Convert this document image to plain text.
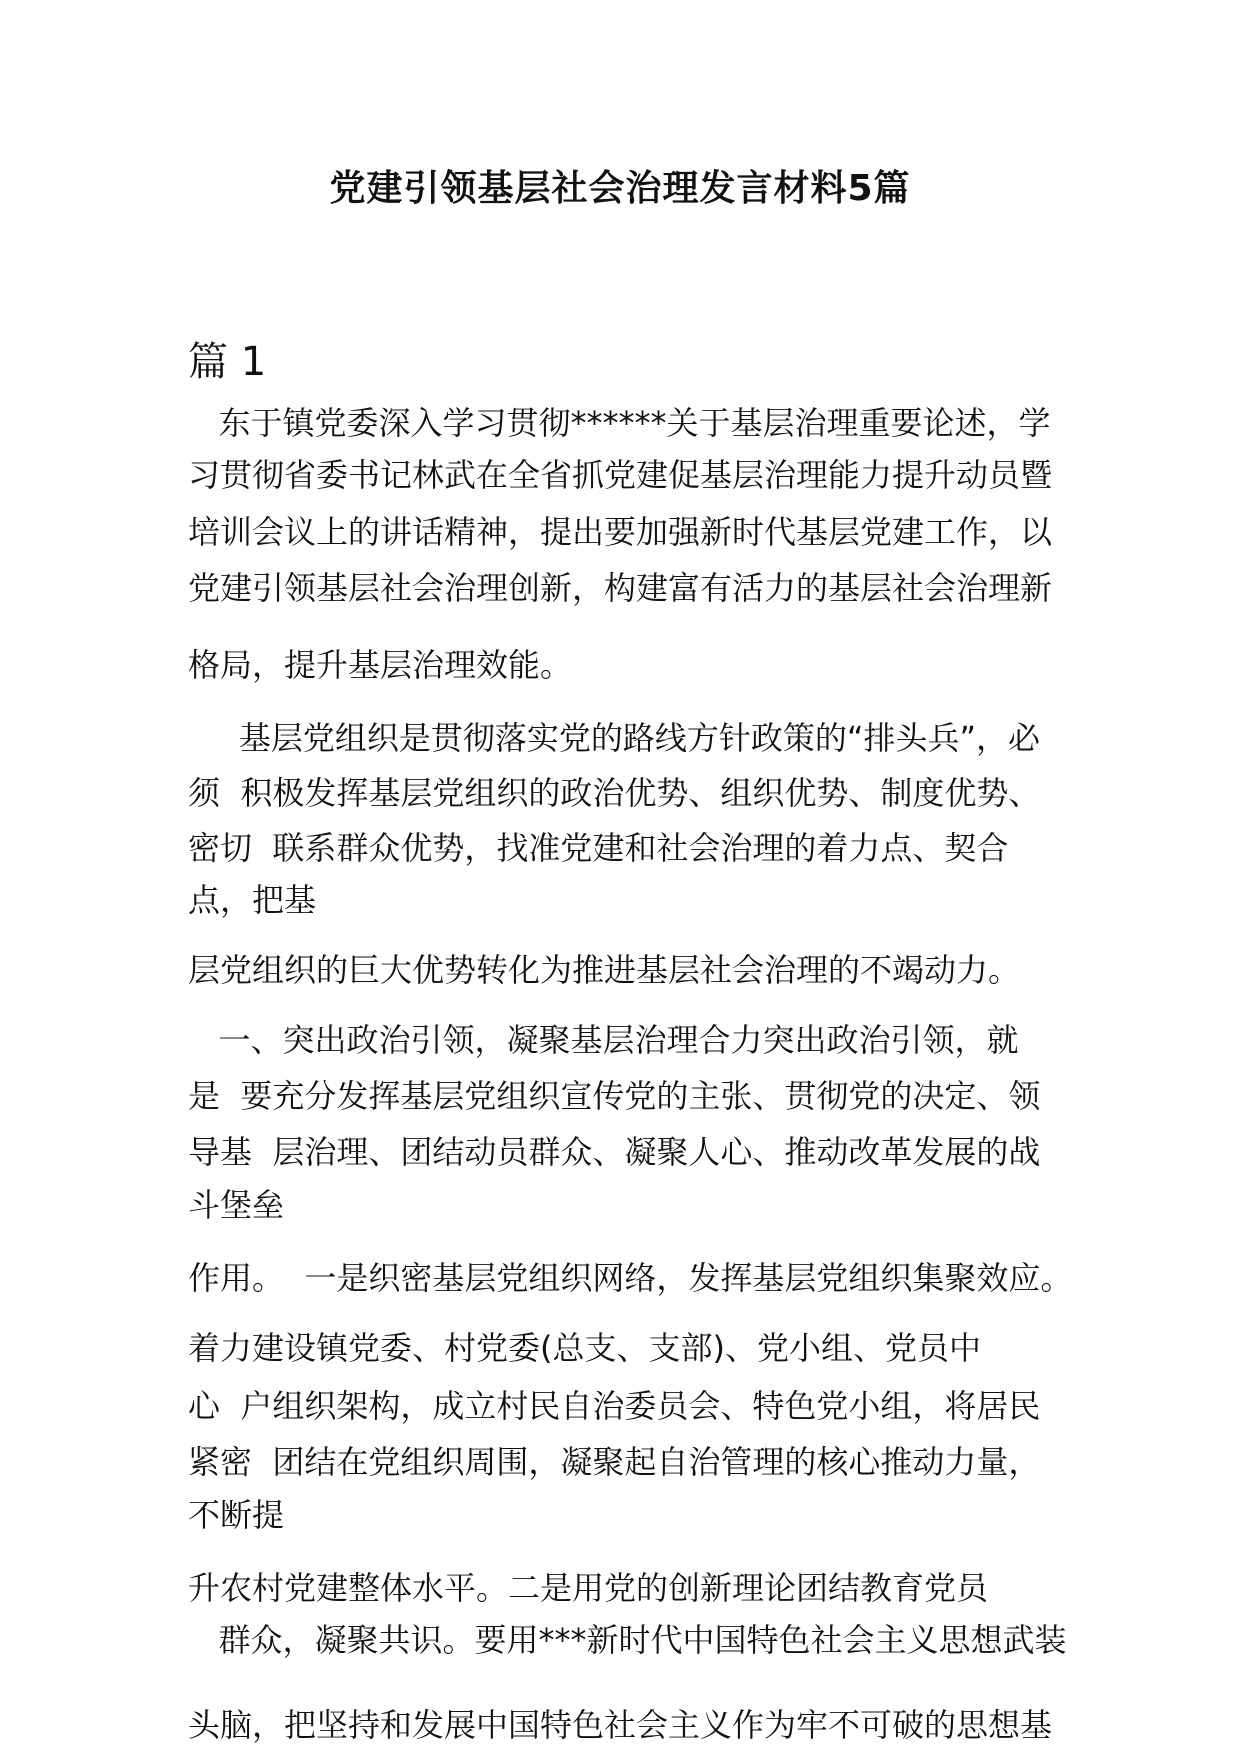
党建引领基层社会治理发言材料5篇
篇 1
东于镇党委深入学习贯彻******关于基层治理重要论述，学
习贯彻省委书记林武在全省抓党建促基层治理能力提升动员暨
培训会议上的讲话精神，提出要加强新时代基层党建工作，以
党建引领基层社会治理创新，构建富有活力的基层社会治理新
格局，提升基层治理效能。
基层党组织是贯彻落实党的路线方针政策的“排头兵”，必
须  积极发挥基层党组织的政治优势、组织优势、制度优势、
密切  联系群众优势，找准党建和社会治理的着力点、契合
点，把基
层党组织的巨大优势转化为推进基层社会治理的不竭动力。
一、突出政治引领，凝聚基层治理合力突出政治引领，就
是  要充分发挥基层党组织宣传党的主张、贯彻党的决定、领
导基  层治理、团结动员群众、凝聚人心、推动改革发展的战
斗堡垒
作用。  一是织密基层党组织网络，发挥基层党组织集聚效应。
着力建设镇党委、村党委(总支、支部)、党小组、党员中
心  户组织架构，成立村民自治委员会、特色党小组，将居民
紧密  团结在党组织周围，凝聚起自治管理的核心推动力量，
不断提
升农村党建整体水平。二是用党的创新理论团结教育党员
群众，凝聚共识。要用***新时代中国特色社会主义思想武装
头脑，把坚持和发展中国特色社会主义作为牢不可破的思想基
